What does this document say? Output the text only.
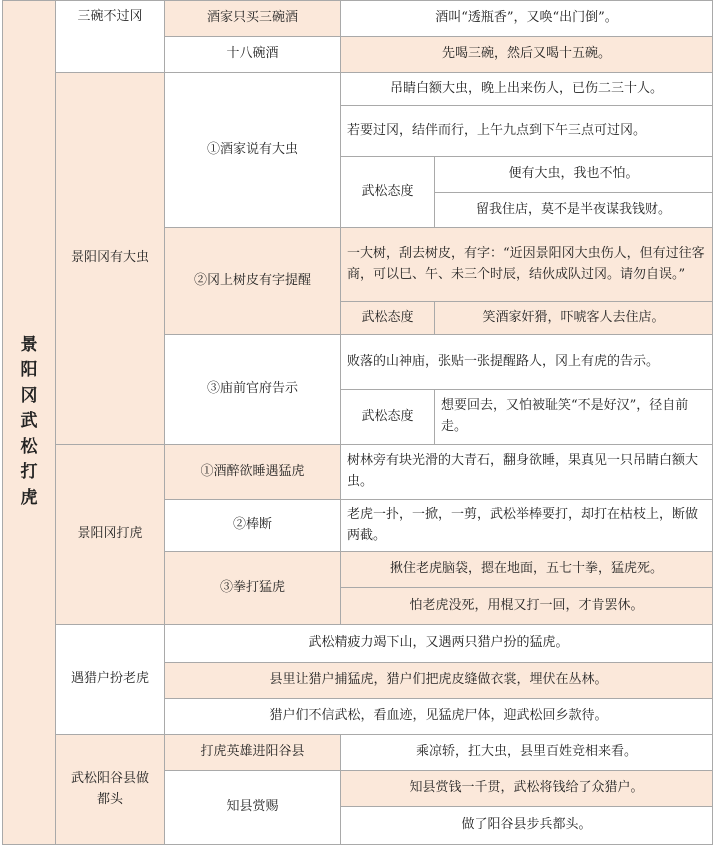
景阳冈武松打虎	三碗不过冈	酒家只买三碗酒	酒叫“透瓶香”，又唤“出门倒”。	
		十八碗酒	先喝三碗，然后又喝十五碗。	
	景阳冈有大虫	①酒家说有大虫	吊睛白额大虫，晚上出来伤人，已伤二三十人。	
			若要过冈，结伴而行，上午九点到下午三点可过冈。	
			武松态度	便有大虫，我也不怕。
				留我住店，莫不是半夜谋我钱财。
		②冈上树皮有字提醒	一大树，刮去树皮，有字：“近因景阳冈大虫伤人，但有过往客商，可以巳、午、未三个时辰，结伙成队过冈。请勿自误。”	
			武松态度	笑酒家奸猾，吓唬客人去住店。
		③庙前官府告示	败落的山神庙，张贴一张提醒路人，冈上有虎的告示。	
			武松态度	想要回去，又怕被耻笑“不是好汉”，径自前走。
	景阳冈打虎	①酒醉欲睡遇猛虎	树林旁有块光滑的大青石，翻身欲睡，果真见一只吊睛白额大虫。	
		②棒断	老虎一扑，一掀，一剪，武松举棒要打，却打在枯枝上，断做两截。	
		③拳打猛虎	揪住老虎脑袋，摁在地面，五七十拳，猛虎死。	
			怕老虎没死，用棍又打一回，才肯罢休。	

	遇猎户扮老虎	武松精疲力竭下山，又遇两只猎户扮的猛虎。		
		县里让猎户捕猛虎，猎户们把虎皮缝做衣裳，埋伏在丛林。		
		猎户们不信武松，看血迹，见猛虎尸体，迎武松回乡款待。		
	武松阳谷县做都头	打虎英雄进阳谷县	乘凉轿，扛大虫，县里百姓竞相来看。	
		知县赏赐	知县赏钱一千贯，武松将钱给了众猎户。	
			做了阳谷县步兵都头。	
